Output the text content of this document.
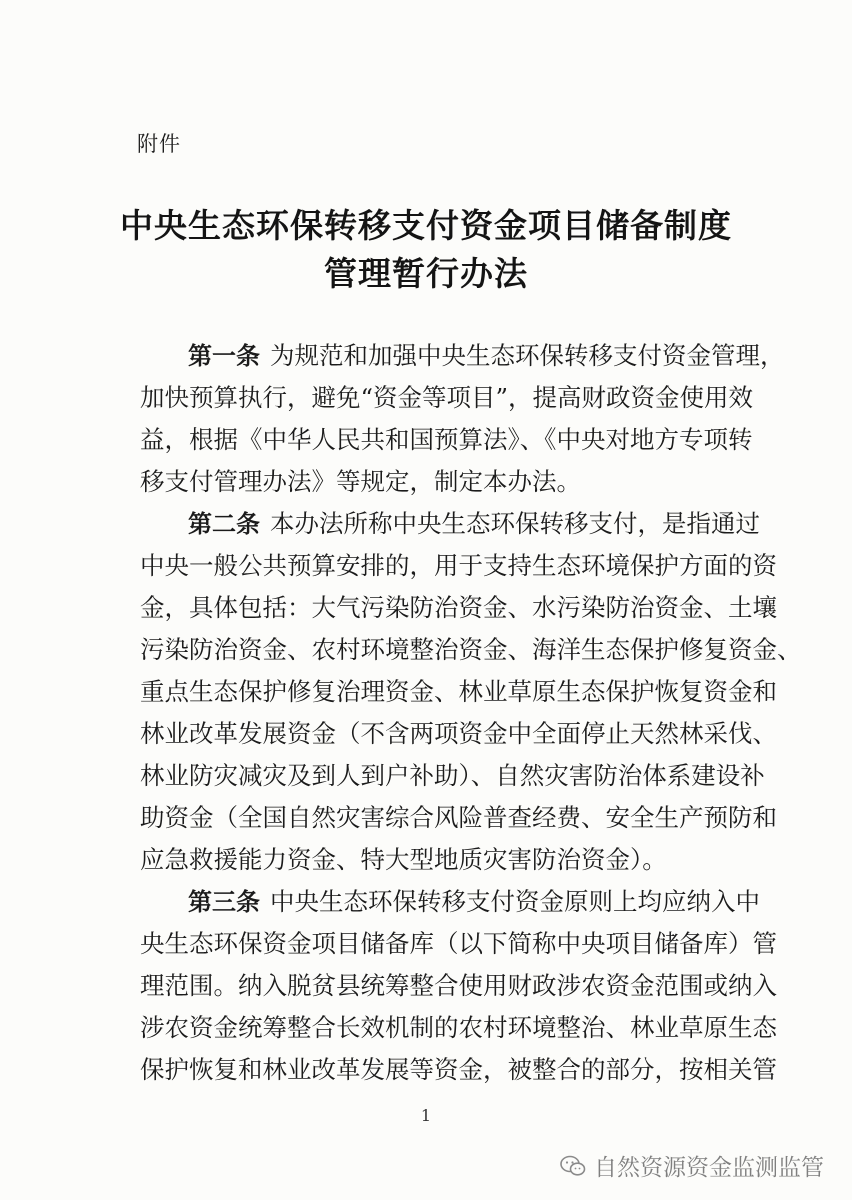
附件
中央生态环保转移支付资金项目储备制度
管理暂行办法
第一条 为规范和加强中央生态环保转移支付资金管理，
加快预算执行，避免“资金等项目”，提高财政资金使用效
益，根据《中华人民共和国预算法》、《中央对地方专项转
移支付管理办法》等规定，制定本办法。
第二条 本办法所称中央生态环保转移支付，是指通过
中央一般公共预算安排的，用于支持生态环境保护方面的资
金，具体包括：大气污染防治资金、水污染防治资金、土壤
污染防治资金、农村环境整治资金、海洋生态保护修复资金、
重点生态保护修复治理资金、林业草原生态保护恢复资金和
林业改革发展资金（不含两项资金中全面停止天然林采伐、
林业防灾减灾及到人到户补助）、自然灾害防治体系建设补
助资金（全国自然灾害综合风险普查经费、安全生产预防和
应急救援能力资金、特大型地质灾害防治资金）。
第三条 中央生态环保转移支付资金原则上均应纳入中
央生态环保资金项目储备库（以下简称中央项目储备库）管
理范围。纳入脱贫县统筹整合使用财政涉农资金范围或纳入
涉农资金统筹整合长效机制的农村环境整治、林业草原生态
保护恢复和林业改革发展等资金，被整合的部分，按相关管
1
自然资源资金监测监管
